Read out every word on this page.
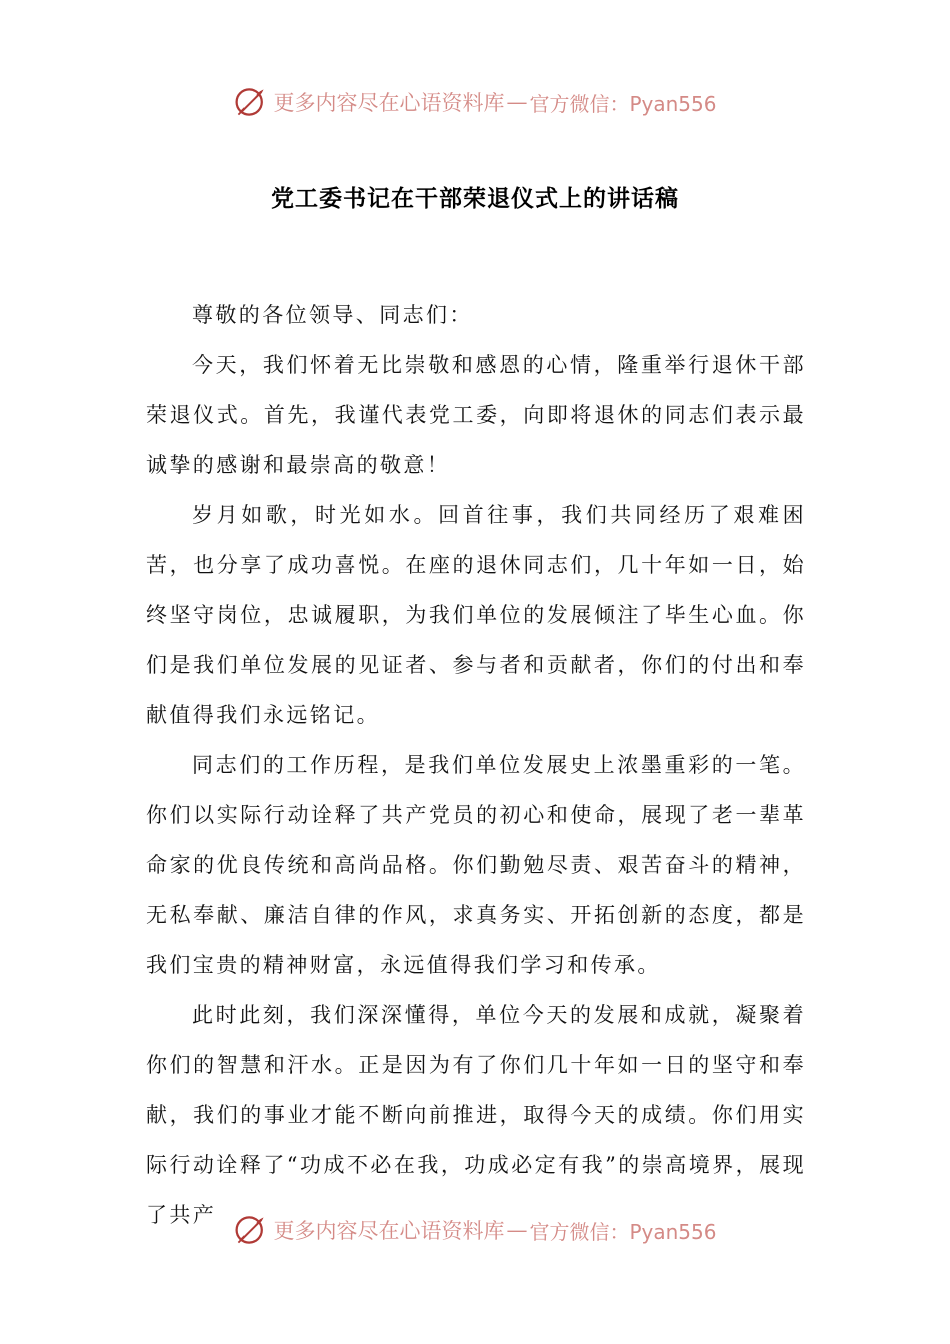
更多内容尽在心语资料库 — 官方微信：Pyan556
党工委书记在干部荣退仪式上的讲话稿

尊敬的各位领导、同志们：

今天，我们怀着无比崇敬和感恩的心情，隆重举行退休干部荣退仪式。首先，我谨代表党工委，向即将退休的同志们表示最诚挚的感谢和最崇高的敬意！

岁月如歌，时光如水。回首往事，我们共同经历了艰难困苦，也分享了成功喜悦。在座的退休同志们，几十年如一日，始终坚守岗位，忠诚履职，为我们单位的发展倾注了毕生心血。你们是我们单位发展的见证者、参与者和贡献者，你们的付出和奉献值得我们永远铭记。

同志们的工作历程，是我们单位发展史上浓墨重彩的一笔。你们以实际行动诠释了共产党员的初心和使命，展现了老一辈革命家的优良传统和高尚品格。你们勤勉尽责、艰苦奋斗的精神，无私奉献、廉洁自律的作风，求真务实、开拓创新的态度，都是我们宝贵的精神财富，永远值得我们学习和传承。

此时此刻，我们深深懂得，单位今天的发展和成就，凝聚着你们的智慧和汗水。正是因为有了你们几十年如一日的坚守和奉献，我们的事业才能不断向前推进，取得今天的成绩。你们用实际行动诠释了“功成不必在我，功成必定有我”的崇高境界，展现了共产

更多内容尽在心语资料库 — 官方微信：Pyan556
